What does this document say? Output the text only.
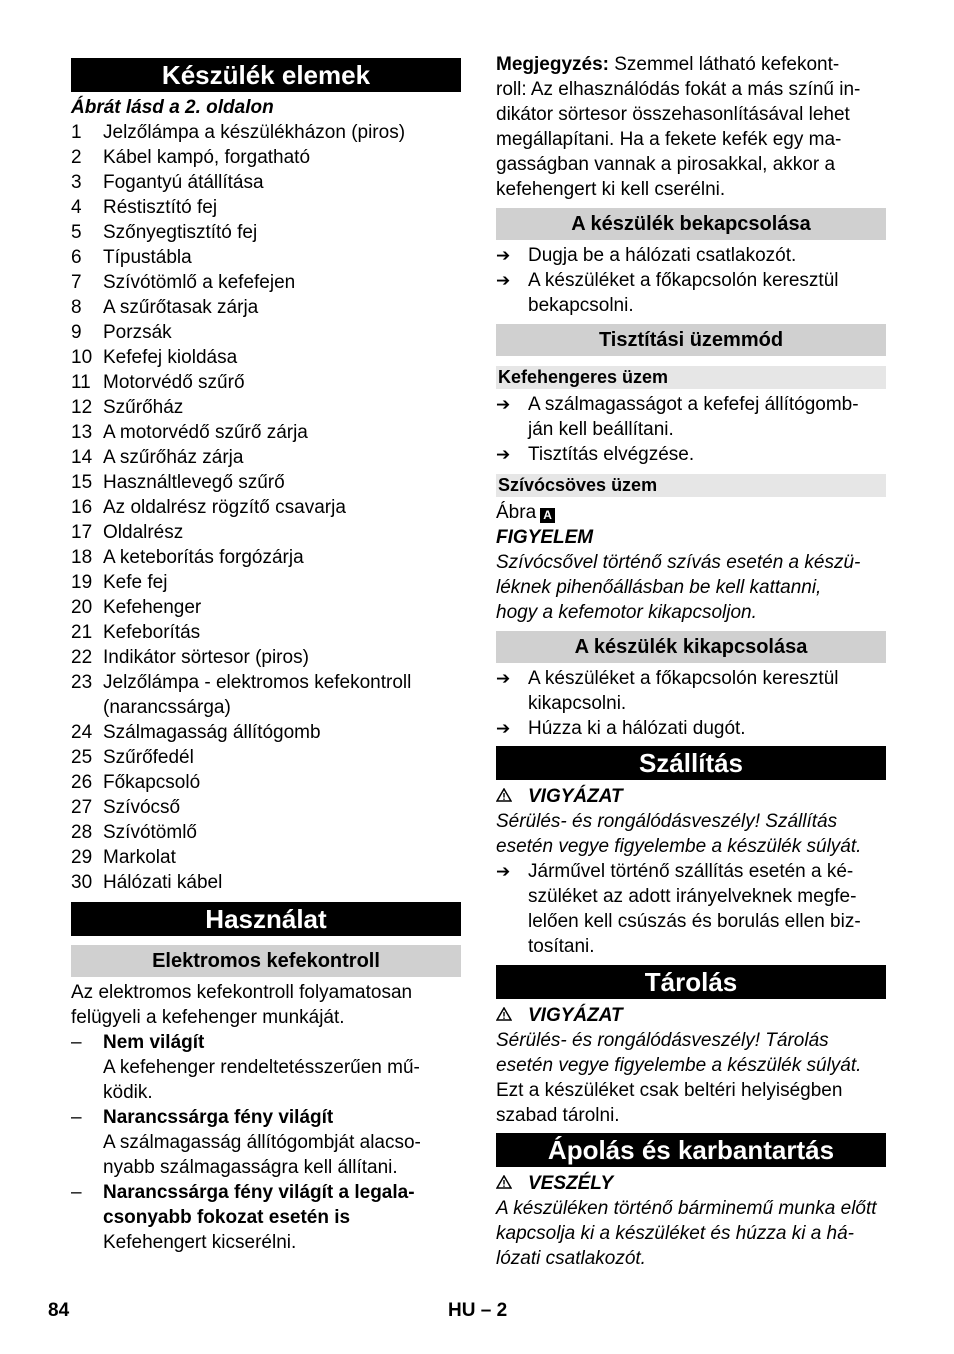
Készülék elemek
Ábrát lásd a 2. oldalon
1	Jelzőlámpa a készülékházon (piros)
2	Kábel kampó, forgatható
3	Fogantyú átállítása
4	Réstisztító fej
5	Szőnyegtisztító fej
6	Típustábla
7	Szívótömlő a kefefejen
8	A szűrőtasak zárja
9	Porzsák
10 Kefefej kioldása
11 Motorvédő szűrő
12 Szűrőház
13 A motorvédő szűrő zárja
14 A szűrőház zárja
15 Használtlevegő szűrő
16 Az oldalrész rögzítő csavarja
17 Oldalrész
18 A keteborítás forgózárja
19 Kefe fej
20 Kefehenger
21 Kefeborítás
22 Indikátor sörtesor (piros)
23 Jelzőlámpa - elektromos kefekontroll
(narancssárga)
24 Szálmagasság állítógomb
25 Szűrőfedél
26 Főkapcsoló
27 Szívócső
28 Szívótömlő
29 Markolat
30 Hálózati kábel
Használat
Elektromos kefekontroll
Az elektromos kefekontroll folyamatosan
felügyeli a kefehenger munkáját.
–	Nem világít
A kefehenger rendeltetésszerűen mű-
ködik.
–	Narancssárga fény világít
A szálmagasság állítógombját alacso-
nyabb szálmagasságra kell állítani.
–	Narancssárga fény világít a legala-
csonyabb fokozat esetén is
Kefehengert kicserélni.
Megjegyzés: Szemmel látható kefekont-
roll: Az elhasználódás fokát a más színű in-
dikátor sörtesor összehasonlításával lehet
megállapítani. Ha a fekete kefék egy ma-
gasságban vannak a pirosakkal, akkor a
kefehengert ki kell cserélni.
A készülék bekapcsolása
➔ Dugja be a hálózati csatlakozót.
➔ A készüléket a főkapcsolón keresztül
bekapcsolni.
Tisztítási üzemmód
Kefehengeres üzem
➔ A szálmagasságot a kefefej állítógomb-
ján kell beállítani.
➔ Tisztítás elvégzése.
Szívócsöves üzem
Ábra A
FIGYELEM
Szívócsővel történő szívás esetén a készü-
léknek pihenőállásban be kell kattanni,
hogy a kefemotor kikapcsoljon.
A készülék kikapcsolása
➔ A készüléket a főkapcsolón keresztül
kikapcsolni.
➔ Húzza ki a hálózati dugót.
Szállítás
VIGYÁZAT
Sérülés- és rongálódásveszély! Szállítás
esetén vegye figyelembe a készülék súlyát.
➔ Járművel történő szállítás esetén a ké-
szüléket az adott irányelveknek megfe-
lelően kell csúszás és borulás ellen biz-
tosítani.
Tárolás
VIGYÁZAT
Sérülés- és rongálódásveszély! Tárolás
esetén vegye figyelembe a készülék súlyát.
Ezt a készüléket csak beltéri helyiségben
szabad tárolni.
Ápolás és karbantartás
VESZÉLY
A készüléken történő bárminemű munka előtt
kapcsolja ki a készüléket és húzza ki a há-
lózati csatlakozót.
84	HU – 2
